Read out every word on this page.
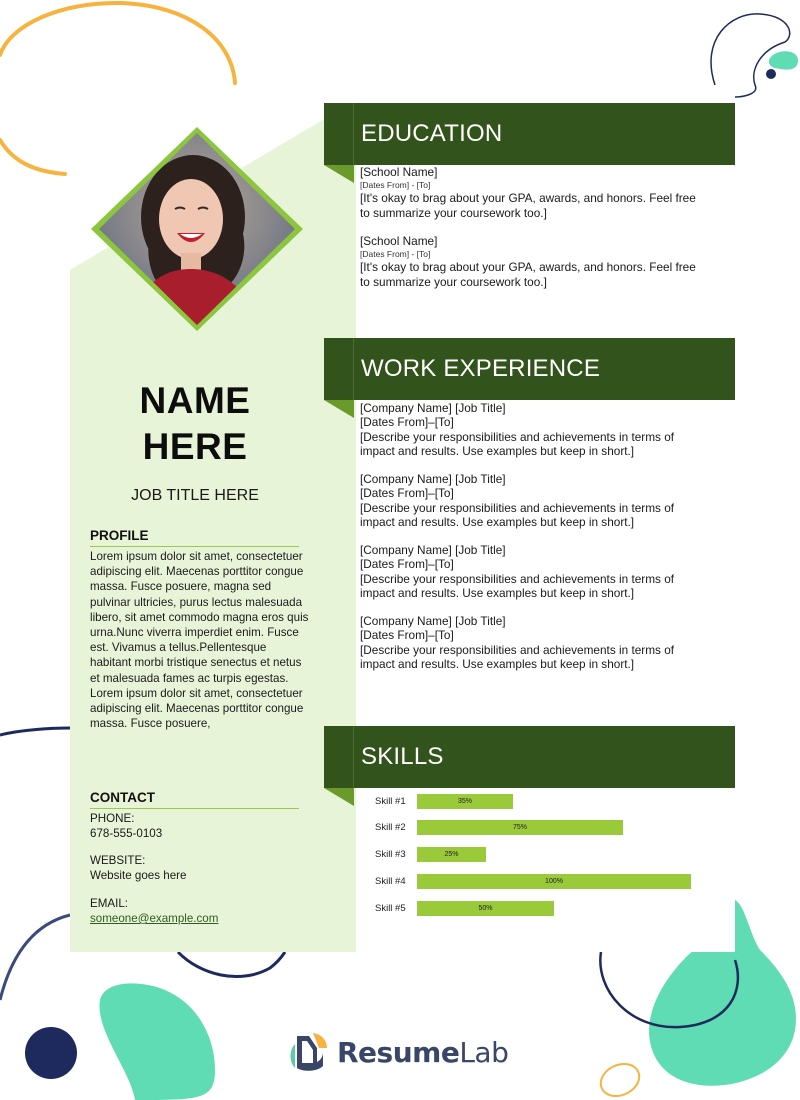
NAME
HERE
JOB TITLE HERE
PROFILE
Lorem ipsum dolor sit amet, consectetuer adipiscing elit. Maecenas porttitor congue massa. Fusce posuere, magna sed pulvinar ultricies, purus lectus malesuada libero, sit amet commodo magna eros quis urna.Nunc viverra imperdiet enim. Fusce est. Vivamus a tellus.Pellentesque habitant morbi tristique senectus et netus et malesuada fames ac turpis egestas. Lorem ipsum dolor sit amet, consectetuer adipiscing elit. Maecenas porttitor congue massa. Fusce posuere,
CONTACT
PHONE:
678-555-0103
WEBSITE:
Website goes here
EMAIL:
someone@example.com
EDUCATION
[School Name]
[Dates From] - [To]
[It's okay to brag about your GPA, awards, and honors. Feel free
to summarize your coursework too.]
[School Name]
[Dates From] - [To]
[It's okay to brag about your GPA, awards, and honors. Feel free
to summarize your coursework too.]
WORK EXPERIENCE
[Company Name] [Job Title]
[Dates From]–[To]
[Describe your responsibilities and achievements in terms of
impact and results. Use examples but keep in short.]
[Company Name] [Job Title]
[Dates From]–[To]
[Describe your responsibilities and achievements in terms of
impact and results. Use examples but keep in short.]
[Company Name] [Job Title]
[Dates From]–[To]
[Describe your responsibilities and achievements in terms of
impact and results. Use examples but keep in short.]
[Company Name] [Job Title]
[Dates From]–[To]
[Describe your responsibilities and achievements in terms of
impact and results. Use examples but keep in short.]
SKILLS
Skill #1	35%
Skill #2	75%
Skill #3	25%
Skill #4	100%
Skill #5	50%
ResumeLab
